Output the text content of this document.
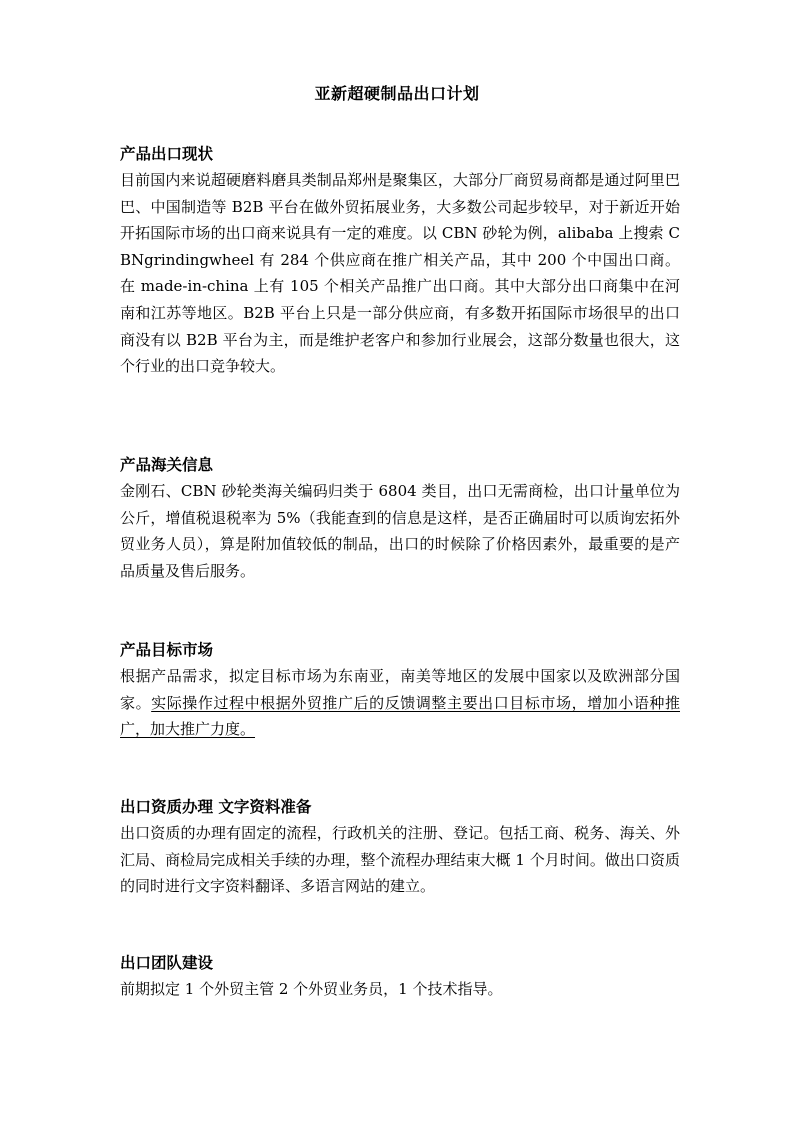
亚新超硬制品出口计划

产品出口现状

目前国内来说超硬磨料磨具类制品郑州是聚集区，大部分厂商贸易商都是通过阿里巴巴、中国制造等 B2B 平台在做外贸拓展业务，大多数公司起步较早，对于新近开始开拓国际市场的出口商来说具有一定的难度。以 CBN 砂轮为例，alibaba 上搜索 CBNgrindingwheel 有 284 个供应商在推广相关产品，其中 200 个中国出口商。在 made-in-china 上有 105 个相关产品推广出口商。其中大部分出口商集中在河南和江苏等地区。B2B 平台上只是一部分供应商，有多数开拓国际市场很早的出口商没有以 B2B 平台为主，而是维护老客户和参加行业展会，这部分数量也很大，这个行业的出口竞争较大。

产品海关信息

金刚石、CBN 砂轮类海关编码归类于 6804 类目，出口无需商检，出口计量单位为公斤，增值税退税率为 5%（我能查到的信息是这样，是否正确届时可以质询宏拓外贸业务人员），算是附加值较低的制品，出口的时候除了价格因素外，最重要的是产品质量及售后服务。

产品目标市场

根据产品需求，拟定目标市场为东南亚，南美等地区的发展中国家以及欧洲部分国家。实际操作过程中根据外贸推广后的反馈调整主要出口目标市场，增加小语种推广，加大推广力度。

出口资质办理 文字资料准备

出口资质的办理有固定的流程，行政机关的注册、登记。包括工商、税务、海关、外汇局、商检局完成相关手续的办理，整个流程办理结束大概 1 个月时间。做出口资质的同时进行文字资料翻译、多语言网站的建立。

出口团队建设

前期拟定 1 个外贸主管 2 个外贸业务员，1 个技术指导。
